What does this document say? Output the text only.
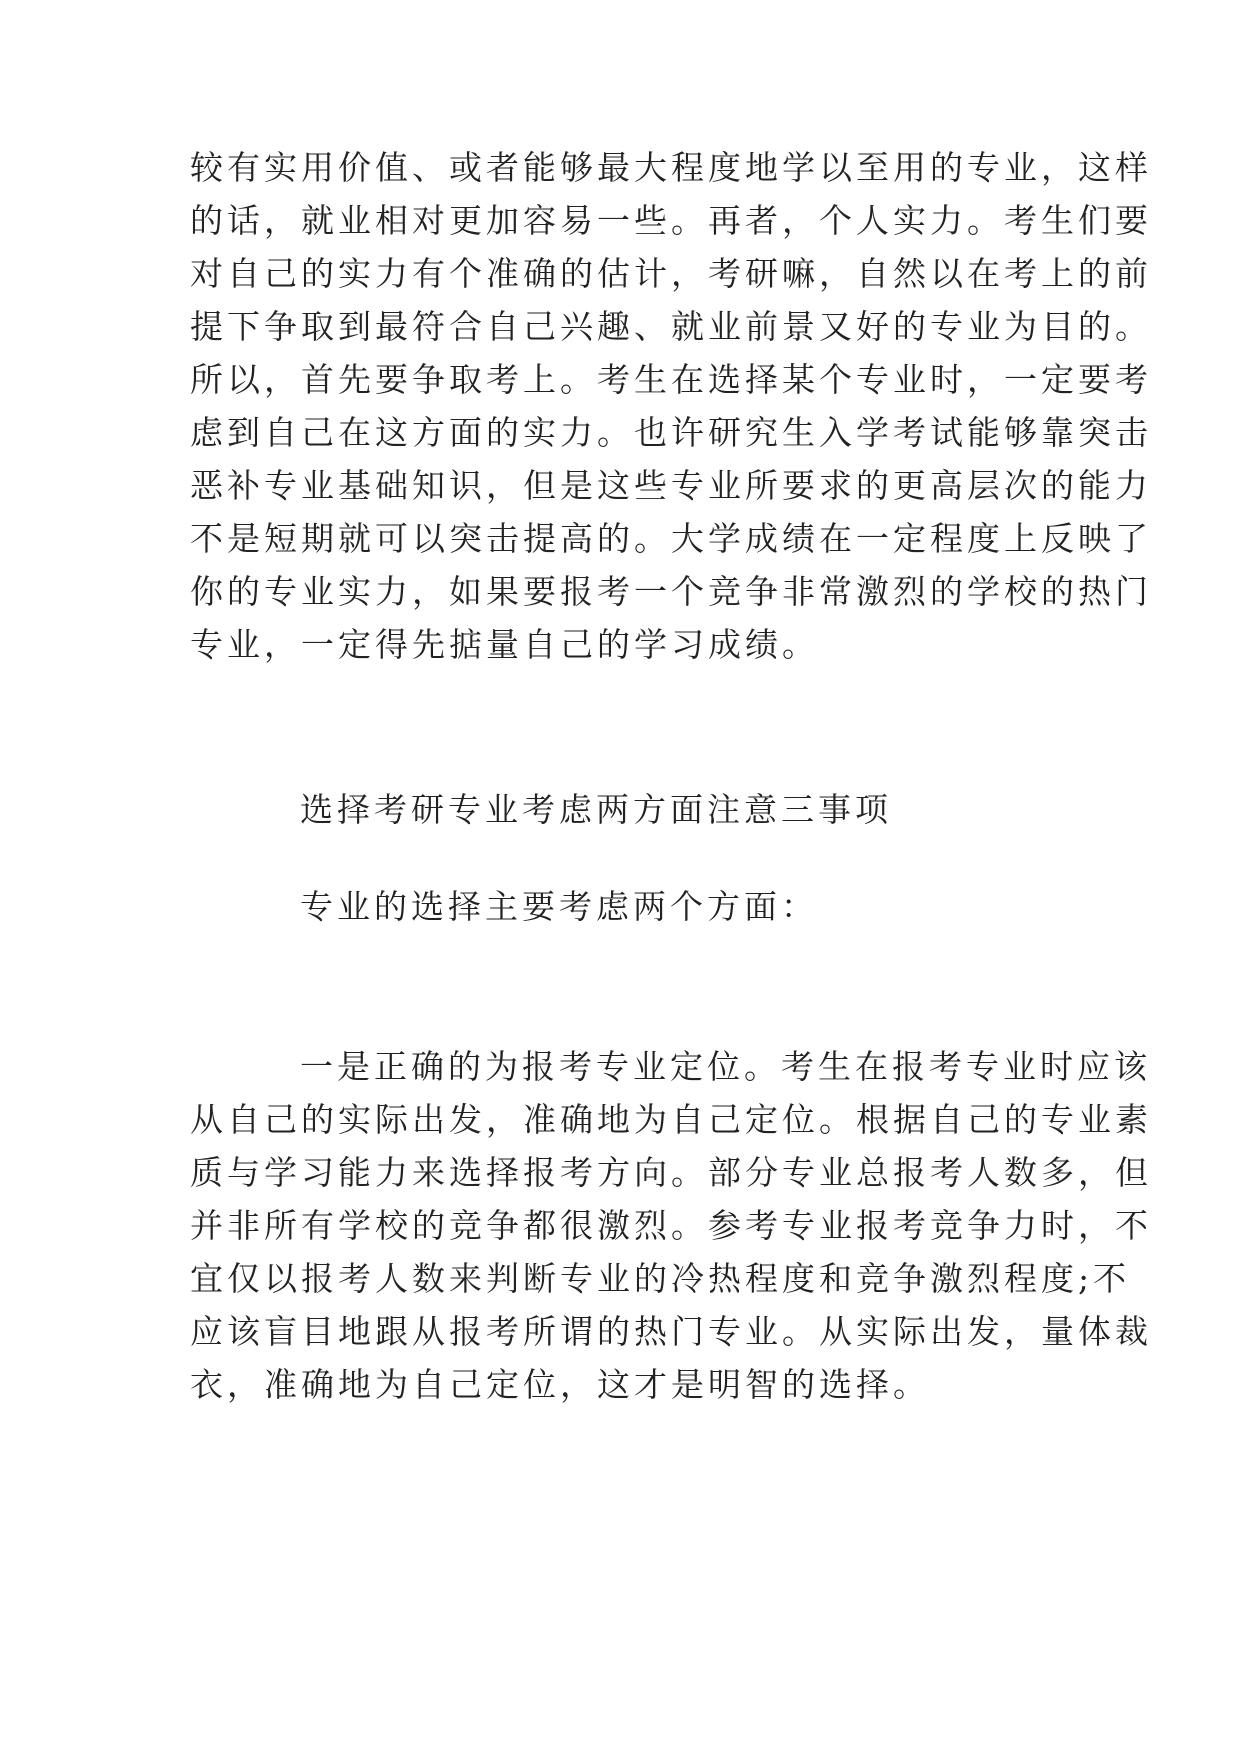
较有实用价值、或者能够最大程度地学以至用的专业，这样
的话，就业相对更加容易一些。再者，个人实力。考生们要
对自己的实力有个准确的估计，考研嘛，自然以在考上的前
提下争取到最符合自己兴趣、就业前景又好的专业为目的。
所以，首先要争取考上。考生在选择某个专业时，一定要考
虑到自己在这方面的实力。也许研究生入学考试能够靠突击
恶补专业基础知识，但是这些专业所要求的更高层次的能力
不是短期就可以突击提高的。大学成绩在一定程度上反映了
你的专业实力，如果要报考一个竞争非常激烈的学校的热门
专业，一定得先掂量自己的学习成绩。
选择考研专业考虑两方面注意三事项
专业的选择主要考虑两个方面：
一是正确的为报考专业定位。考生在报考专业时应该
从自己的实际出发，准确地为自己定位。根据自己的专业素
质与学习能力来选择报考方向。部分专业总报考人数多，但
并非所有学校的竞争都很激烈。参考专业报考竞争力时，不
宜仅以报考人数来判断专业的冷热程度和竞争激烈程度;不
应该盲目地跟从报考所谓的热门专业。从实际出发，量体裁
衣，准确地为自己定位，这才是明智的选择。
